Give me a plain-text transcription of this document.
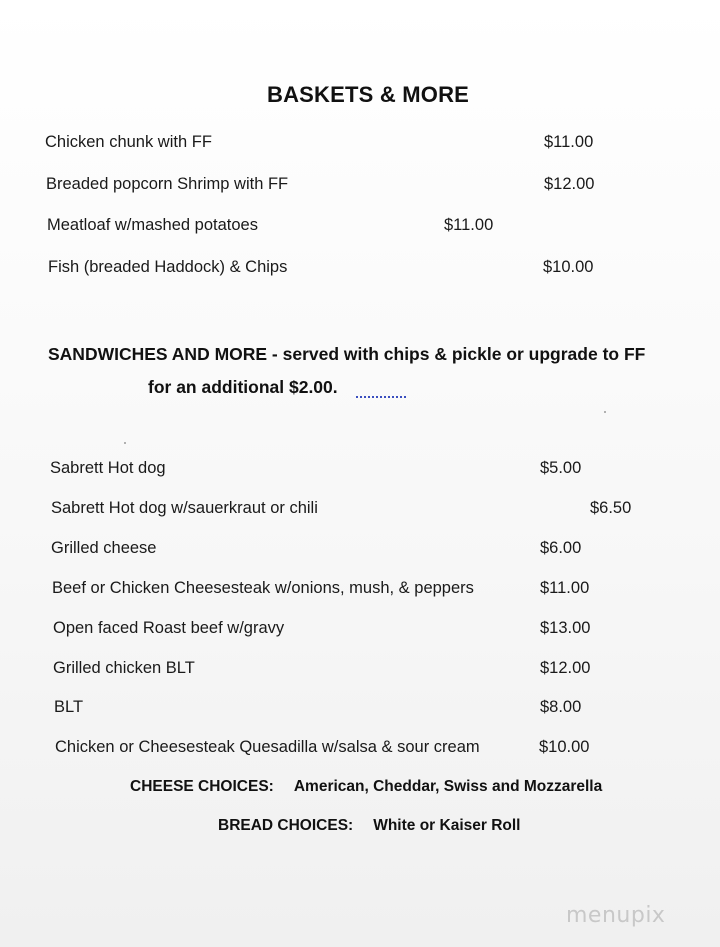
BASKETS & MORE
Chicken chunk with FF	$11.00
Breaded popcorn Shrimp with FF	$12.00
Meatloaf w/mashed potatoes	$11.00
Fish (breaded Haddock) & Chips	$10.00
SANDWICHES AND MORE - served with chips & pickle or upgrade to FF
for an additional $2.00.
Sabrett Hot dog	$5.00
Sabrett Hot dog w/sauerkraut or chili	$6.50
Grilled cheese	$6.00
Beef or Chicken Cheesesteak w/onions, mush, & peppers	$11.00
Open faced Roast beef w/gravy	$13.00
Grilled chicken BLT	$12.00
BLT	$8.00
Chicken or Cheesesteak Quesadilla w/salsa & sour cream	$10.00
CHEESE CHOICES: American, Cheddar, Swiss and Mozzarella
BREAD CHOICES: White or Kaiser Roll
menupix
